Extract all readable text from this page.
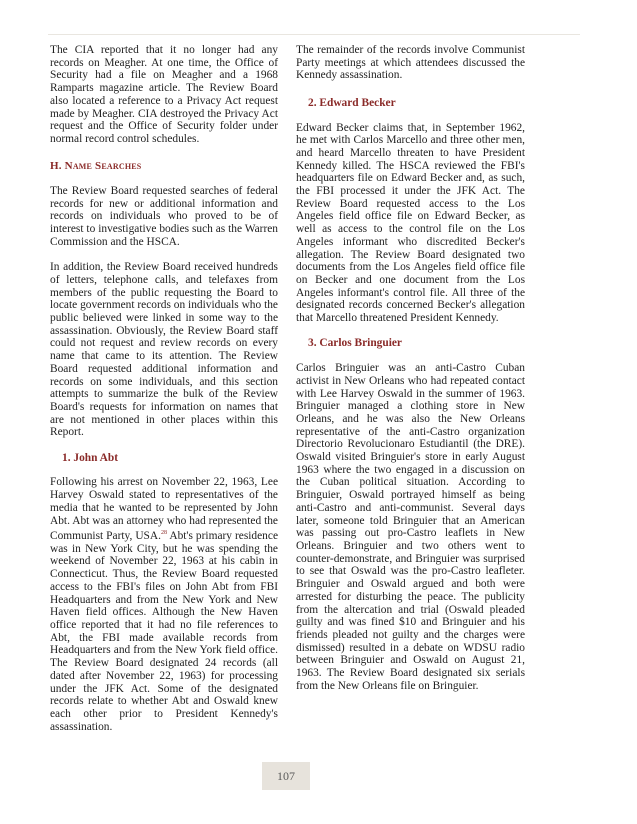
The CIA reported that it no longer had any records on Meagher. At one time, the Office of Security had a file on Meagher and a 1968 Ramparts magazine article. The Review Board also located a reference to a Privacy Act request made by Meagher. CIA destroyed the Privacy Act request and the Office of Security folder under normal record control schedules.

H. Name Searches

The Review Board requested searches of federal records for new or additional information and records on individuals who proved to be of interest to investigative bodies such as the Warren Commission and the HSCA.

In addition, the Review Board received hundreds of letters, telephone calls, and telefaxes from members of the public requesting the Board to locate government records on individuals who the public believed were linked in some way to the assassination. Obviously, the Review Board staff could not request and review records on every name that came to its attention. The Review Board requested additional information and records on some individuals, and this section attempts to summarize the bulk of the Review Board's requests for information on names that are not mentioned in other places within this Report.

1. John Abt

Following his arrest on November 22, 1963, Lee Harvey Oswald stated to representatives of the media that he wanted to be represented by John Abt. Abt was an attorney who had represented the Communist Party, USA.$^{28}$ Abt's primary residence was in New York City, but he was spending the weekend of November 22, 1963 at his cabin in Connecticut. Thus, the Review Board requested access to the FBI's files on John Abt from FBI Headquarters and from the New York and New Haven field offices. Although the New Haven office reported that it had no file references to Abt, the FBI made available records from Headquarters and from the New York field office. The Review Board designated 24 records (all dated after November 22, 1963) for processing under the JFK Act. Some of the designated records relate to whether Abt and Oswald knew each other prior to President Kennedy's assassination.

The remainder of the records involve Communist Party meetings at which attendees discussed the Kennedy assassination.

2. Edward Becker

Edward Becker claims that, in September 1962, he met with Carlos Marcello and three other men, and heard Marcello threaten to have President Kennedy killed. The HSCA reviewed the FBI's headquarters file on Edward Becker and, as such, the FBI processed it under the JFK Act. The Review Board requested access to the Los Angeles field office file on Edward Becker, as well as access to the control file on the Los Angeles informant who discredited Becker's allegation. The Review Board designated two documents from the Los Angeles field office file on Becker and one document from the Los Angeles informant's control file. All three of the designated records concerned Becker's allegation that Marcello threatened President Kennedy.

3. Carlos Bringuier

Carlos Bringuier was an anti-Castro Cuban activist in New Orleans who had repeated contact with Lee Harvey Oswald in the summer of 1963. Bringuier managed a clothing store in New Orleans, and he was also the New Orleans representative of the anti-Castro organization Directorio Revolucionaro Estudiantil (the DRE). Oswald visited Bringuier's store in early August 1963 where the two engaged in a discussion on the Cuban political situation. According to Bringuier, Oswald portrayed himself as being anti-Castro and anti-communist. Several days later, someone told Bringuier that an American was passing out pro-Castro leaflets in New Orleans. Bringuier and two others went to counter-demonstrate, and Bringuier was surprised to see that Oswald was the pro-Castro leafleter. Bringuier and Oswald argued and both were arrested for disturbing the peace. The publicity from the altercation and trial (Oswald pleaded guilty and was fined $10 and Bringuier and his friends pleaded not guilty and the charges were dismissed) resulted in a debate on WDSU radio between Bringuier and Oswald on August 21, 1963. The Review Board designated six serials from the New Orleans file on Bringuier.

107
